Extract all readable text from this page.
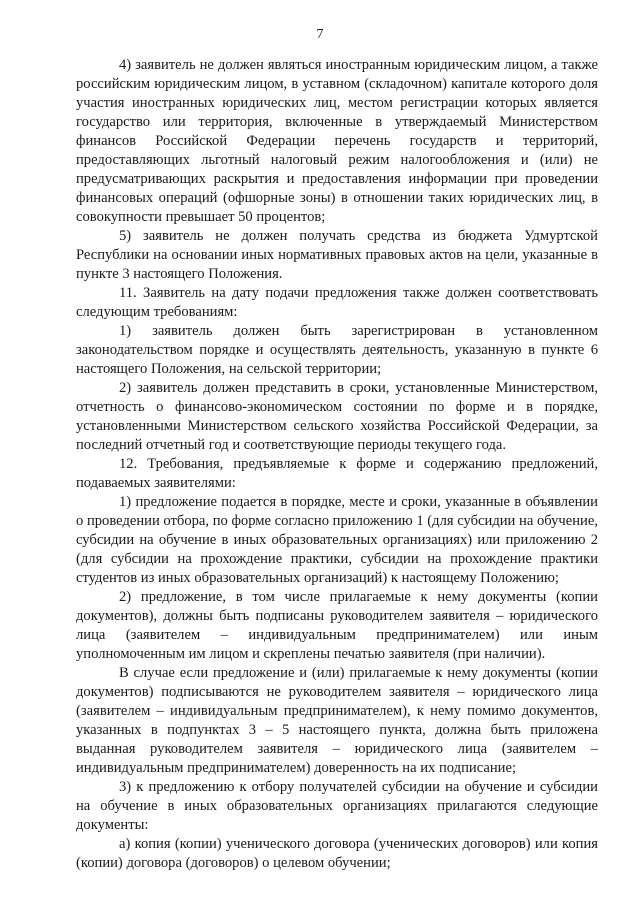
7

4) заявитель не должен являться иностранным юридическим лицом, а также российским юридическим лицом, в уставном (складочном) капитале которого доля участия иностранных юридических лиц, местом регистрации которых является государство или территория, включенные в утверждаемый Министерством финансов Российской Федерации перечень государств и территорий, предоставляющих льготный налоговый режим налогообложения и (или) не предусматривающих раскрытия и предоставления информации при проведении финансовых операций (офшорные зоны) в отношении таких юридических лиц, в совокупности превышает 50 процентов;

5) заявитель не должен получать средства из бюджета Удмуртской Республики на основании иных нормативных правовых актов на цели, указанные в пункте 3 настоящего Положения.

11. Заявитель на дату подачи предложения также должен соответствовать следующим требованиям:

1) заявитель должен быть зарегистрирован в установленном законодательством порядке и осуществлять деятельность, указанную в пункте 6 настоящего Положения, на сельской территории;

2) заявитель должен представить в сроки, установленные Министерством, отчетность о финансово-экономическом состоянии по форме и в порядке, установленными Министерством сельского хозяйства Российской Федерации, за последний отчетный год и соответствующие периоды текущего года.

12. Требования, предъявляемые к форме и содержанию предложений, подаваемых заявителями:

1) предложение подается в порядке, месте и сроки, указанные в объявлении о проведении отбора, по форме согласно приложению 1 (для субсидии на обучение, субсидии на обучение в иных образовательных организациях) или приложению 2 (для субсидии на прохождение практики, субсидии на прохождение практики студентов из иных образовательных организаций) к настоящему Положению;

2) предложение, в том числе прилагаемые к нему документы (копии документов), должны быть подписаны руководителем заявителя – юридического лица (заявителем – индивидуальным предпринимателем) или иным уполномоченным им лицом и скреплены печатью заявителя (при наличии).

В случае если предложение и (или) прилагаемые к нему документы (копии документов) подписываются не руководителем заявителя – юридического лица (заявителем – индивидуальным предпринимателем), к нему помимо документов, указанных в подпунктах 3 – 5 настоящего пункта, должна быть приложена выданная руководителем заявителя – юридического лица (заявителем – индивидуальным предпринимателем) доверенность на их подписание;

3) к предложению к отбору получателей субсидии на обучение и субсидии на обучение в иных образовательных организациях прилагаются следующие документы:

а) копия (копии) ученического договора (ученических договоров) или копия (копии) договора (договоров) о целевом обучении;
